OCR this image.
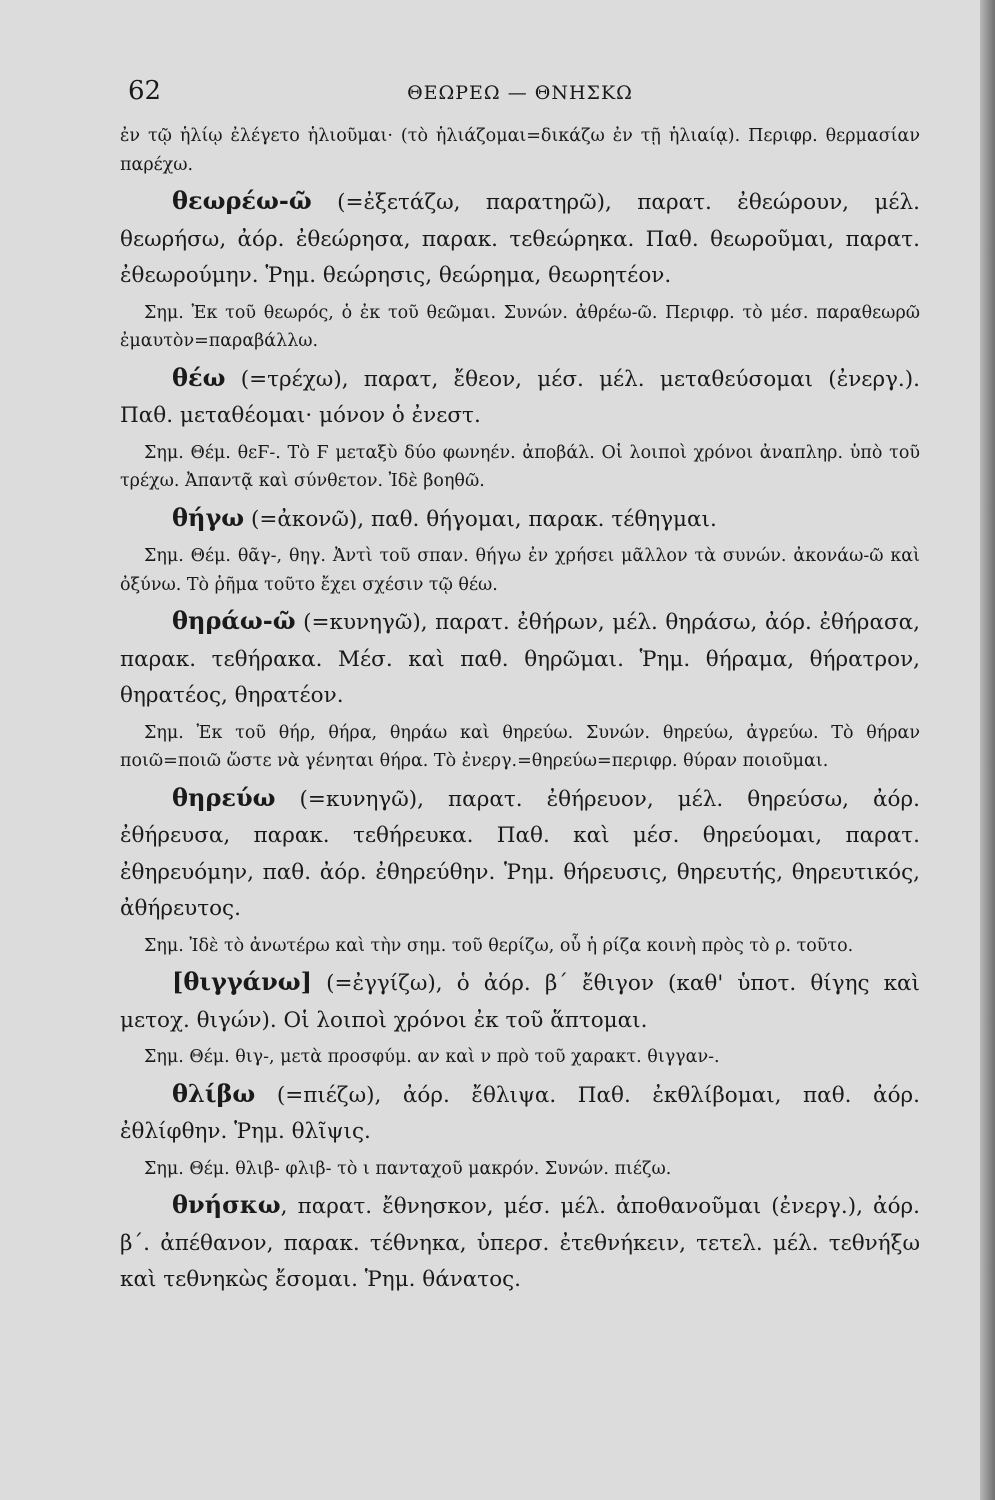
62	ΘΕΩΡΕΩ — ΘΝΗΣΚΩ

ἐν τῷ ἡλίῳ ἐλέγετο ἡλιοῦμαι· (τὸ ἡλιάζομαι=δικάζω ἐν τῇ ἡλιαίᾳ). Περιφρ. θερμασίαν παρέχω.

θεωρέω-ῶ (=ἐξετάζω, παρατηρῶ), παρατ. ἐθεώρουν, μέλ. θεωρήσω, ἀόρ. ἐθεώρησα, παρακ. τεθεώρηκα. Παθ. θεωροῦμαι, παρατ. ἐθεωρούμην. Ῥημ. θεώρησις, θεώρημα, θεωρητέον.

Σημ. Ἐκ τοῦ θεωρός, ὁ ἐκ τοῦ θεῶμαι. Συνών. ἀθρέω-ῶ. Περιφρ. τὸ μέσ. παραθεωρῶ ἐμαυτὸν=παραβάλλω.

θέω (=τρέχω), παρατ, ἔθεον, μέσ. μέλ. μεταθεύσομαι (ἐνεργ.). Παθ. μεταθέομαι· μόνον ὁ ἐνεστ.

Σημ. Θέμ. θεϜ-. Τὸ Ϝ μεταξὺ δύο φωνηέν. ἀποβάλ. Οἱ λοιποὶ χρόνοι ἀναπληρ. ὑπὸ τοῦ τρέχω. Ἀπαντᾷ καὶ σύνθετον. Ἰδὲ βοηθῶ.

θήγω (=ἀκονῶ), παθ. θήγομαι, παρακ. τέθηγμαι.

Σημ. Θέμ. θᾶγ-, θηγ. Ἀντὶ τοῦ σπαν. θήγω ἐν χρήσει μᾶλλον τὰ συνών. ἀκονάω-ῶ καὶ ὀξύνω. Τὸ ῥῆμα τοῦτο ἔχει σχέσιν τῷ θέω.

θηράω-ῶ (=κυνηγῶ), παρατ. ἐθήρων, μέλ. θηράσω, ἀόρ. ἐθήρασα, παρακ. τεθήρακα. Μέσ. καὶ παθ. θηρῶμαι. Ῥημ. θήραμα, θήρατρον, θηρατέος, θηρατέον.

Σημ. Ἐκ τοῦ θήρ, θήρα, θηράω καὶ θηρεύω. Συνών. θηρεύω, ἀγρεύω. Τὸ θήραν ποιῶ=ποιῶ ὥστε νὰ γένηται θήρα. Τὸ ἐνεργ.=θηρεύω=περιφρ. θύραν ποιοῦμαι.

θηρεύω (=κυνηγῶ), παρατ. ἐθήρευον, μέλ. θηρεύσω, ἀόρ. ἐθήρευσα, παρακ. τεθήρευκα. Παθ. καὶ μέσ. θηρεύομαι, παρατ. ἐθηρευόμην, παθ. ἀόρ. ἐθηρεύθην. Ῥημ. θήρευσις, θηρευτής, θηρευτικός, ἀθήρευτος.

Σημ. Ἰδὲ τὸ ἀνωτέρω καὶ τὴν σημ. τοῦ θερίζω, οὗ ἡ ρίζα κοινὴ πρὸς τὸ ρ. τοῦτο.

[θιγγάνω] (=ἐγγίζω), ὁ ἀόρ. β΄ ἔθιγον (καθ' ὑποτ. θίγης καὶ μετοχ. θιγών). Οἱ λοιποὶ χρόνοι ἐκ τοῦ ἅπτομαι.

Σημ. Θέμ. θιγ-, μετὰ προσφύμ. αν καὶ ν πρὸ τοῦ χαρακτ. θιγγαν-.

θλίβω (=πιέζω), ἀόρ. ἔθλιψα. Παθ. ἐκθλίβομαι, παθ. ἀόρ. ἐθλίφθην. Ῥημ. θλῖψις.

Σημ. Θέμ. θλιβ- φλιβ- τὸ ι πανταχοῦ μακρόν. Συνών. πιέζω.

θνήσκω, παρατ. ἔθνησκον, μέσ. μέλ. ἀποθανοῦμαι (ἐνεργ.), ἀόρ. β΄. ἀπέθανον, παρακ. τέθνηκα, ὑπερσ. ἐτεθνήκειν, τετελ. μέλ. τεθνήξω καὶ τεθνηκὼς ἔσομαι. Ῥημ. θάνατος.
